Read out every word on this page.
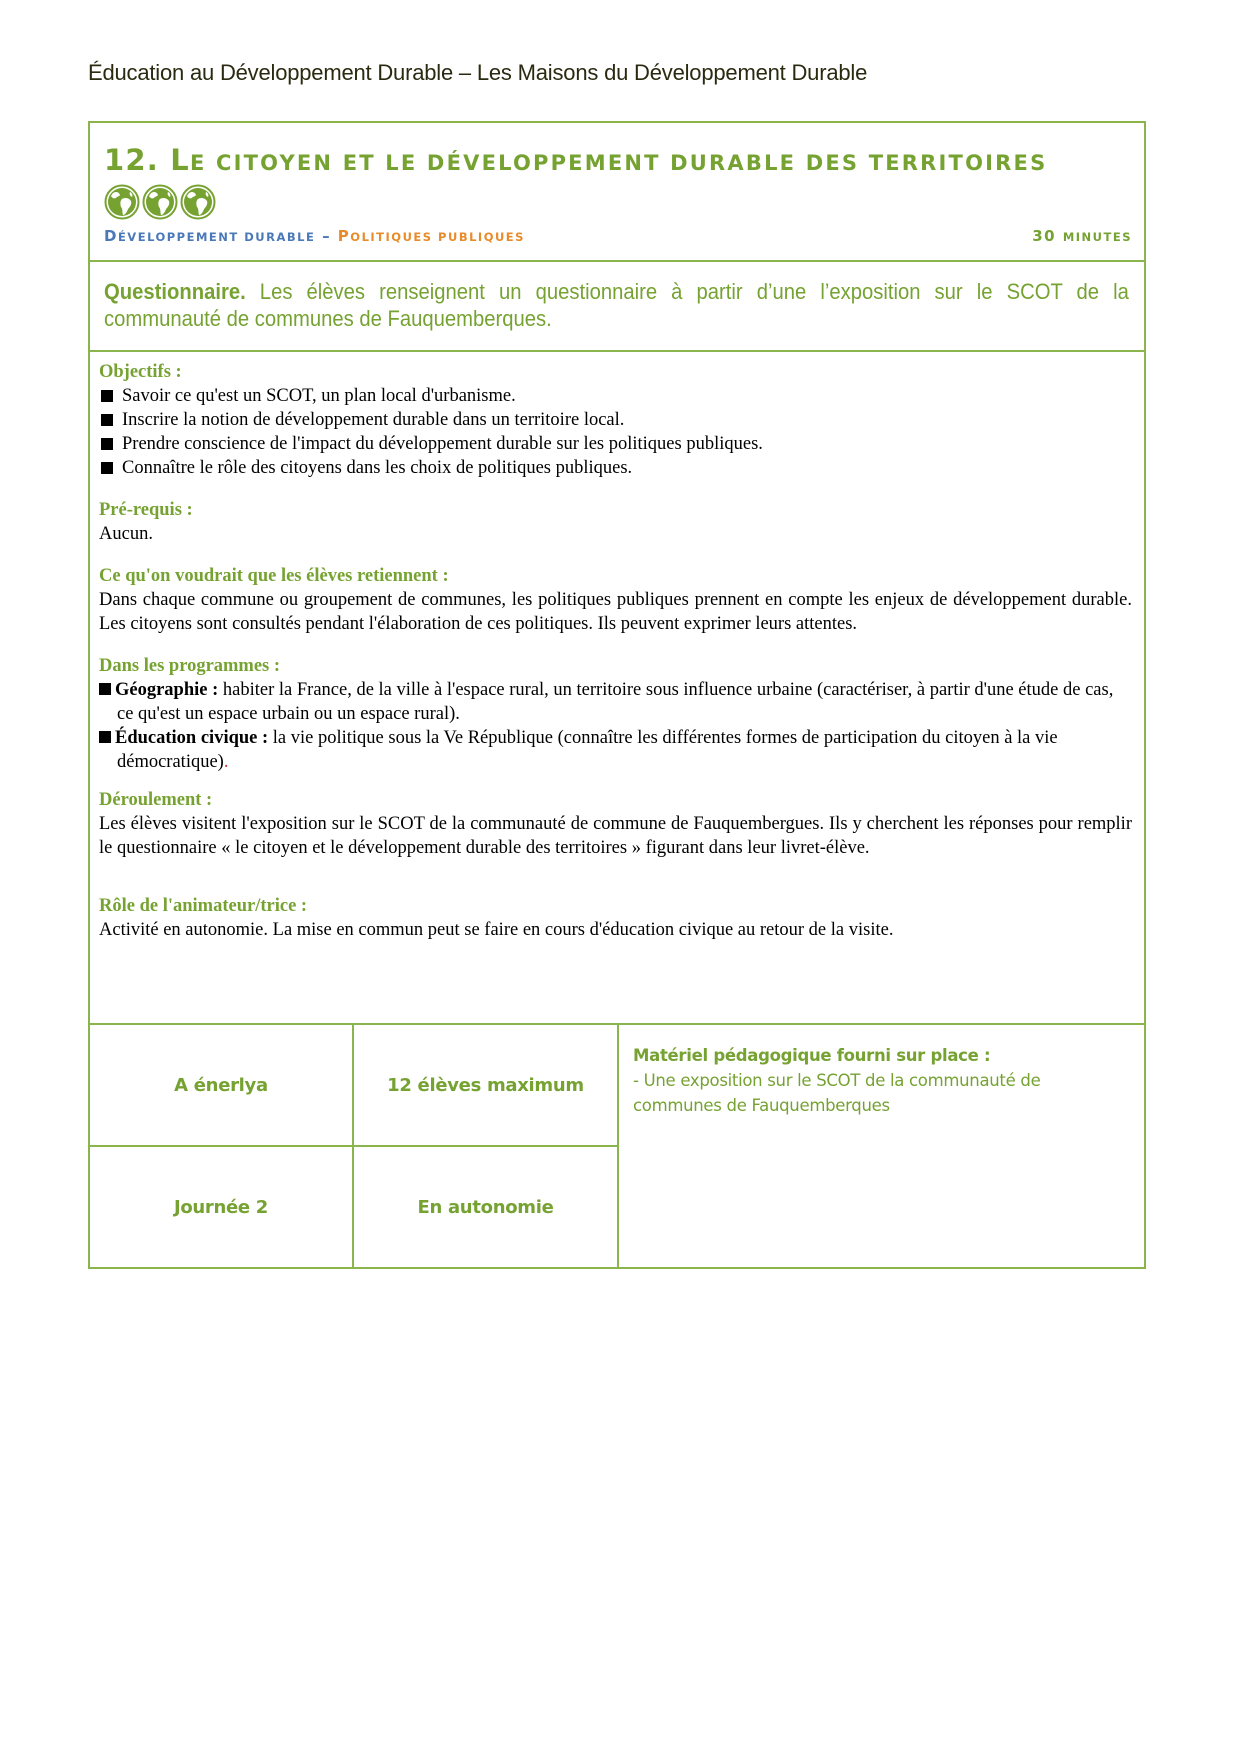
Éducation au Développement Durable – Les Maisons du Développement Durable
12. LE CITOYEN ET LE DÉVELOPPEMENT DURABLE DES TERRITOIRES
DÉVELOPPEMENT DURABLE – POLITIQUES PUBLIQUES	30 MINUTES
Questionnaire. Les élèves renseignent un questionnaire à partir d’une l’exposition sur le SCOT de la communauté de communes de Fauquemberques.
Objectifs :
Savoir ce qu'est un SCOT, un plan local d'urbanisme.
Inscrire la notion de développement durable dans un territoire local.
Prendre conscience de l'impact du développement durable sur les politiques publiques.
Connaître le rôle des citoyens dans les choix de politiques publiques.
Pré-requis :

Aucun.

Ce qu'on voudrait que les élèves retiennent :

Dans chaque commune ou groupement de communes, les politiques publiques prennent en compte les enjeux de développement durable. Les citoyens sont consultés pendant l'élaboration de ces politiques. Ils peuvent exprimer leurs attentes.

Dans les programmes :
Géographie : habiter la France, de la ville à l'espace rural, un territoire sous influence urbaine (caractériser, à partir d'une étude de cas, ce qu'est un espace urbain ou un espace rural).
Éducation civique : la vie politique sous la Ve République (connaître les différentes formes de participation du citoyen à la vie démocratique).
Déroulement :

Les élèves visitent l'exposition sur le SCOT de la communauté de commune de Fauquembergues. Ils y cherchent les réponses pour remplir le questionnaire « le citoyen et le développement durable des territoires » figurant dans leur livret-élève.

Rôle de l'animateur/trice :

Activité en autonomie. La mise en commun peut se faire en cours d'éducation civique au retour de la visite.

A énerlya	12 élèves maximum
Journée 2	En autonomie
Matériel pédagogique fourni sur place :
- Une exposition sur le SCOT de la communauté de communes de Fauquemberques
